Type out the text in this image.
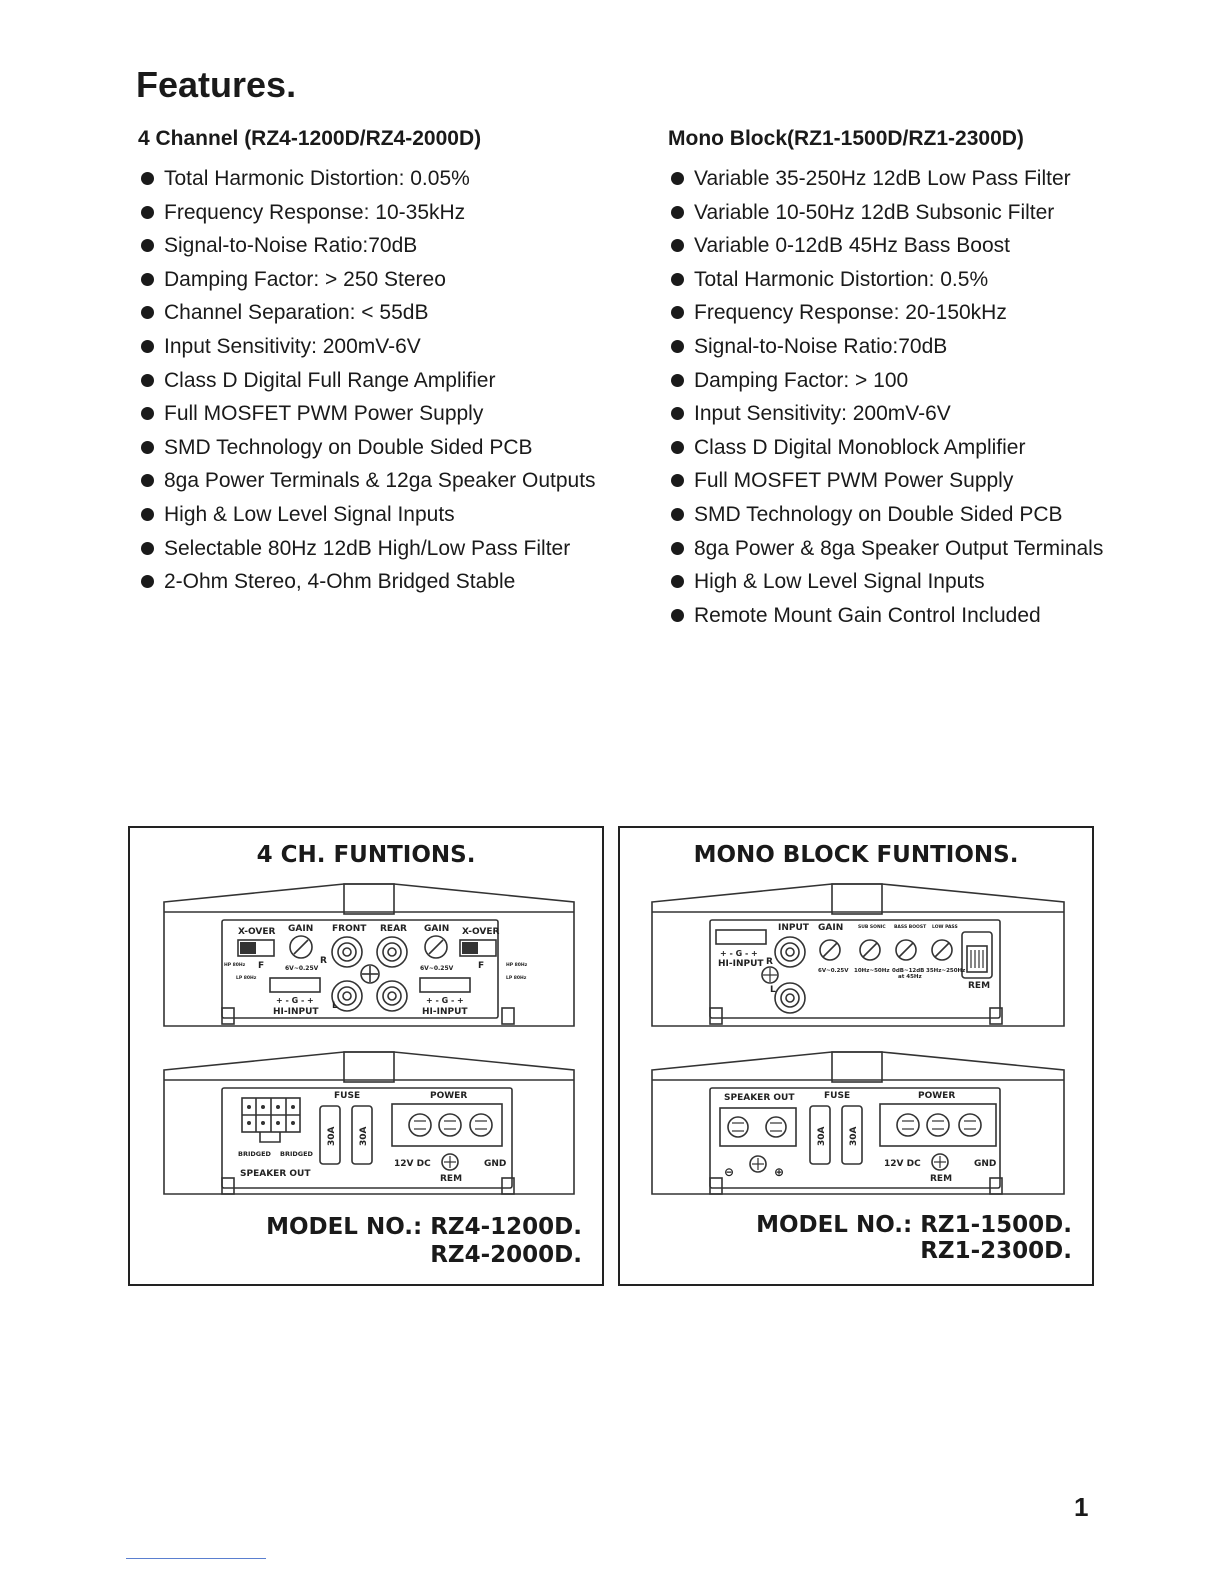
Features.
4 Channel (RZ4-1200D/RZ4-2000D)
Total Harmonic Distortion: 0.05%
Frequency Response: 10-35kHz
Signal-to-Noise Ratio:70dB
Damping Factor: > 250 Stereo
Channel Separation: < 55dB
Input Sensitivity: 200mV-6V
Class D Digital Full Range Amplifier
Full MOSFET PWM Power Supply
SMD Technology on Double Sided PCB
8ga Power Terminals & 12ga Speaker Outputs
High & Low Level Signal Inputs
Selectable 80Hz 12dB High/Low Pass Filter
2-Ohm Stereo, 4-Ohm Bridged Stable
Mono Block(RZ1-1500D/RZ1-2300D)
Variable 35-250Hz 12dB Low Pass Filter
Variable 10-50Hz 12dB Subsonic Filter
Variable 0-12dB 45Hz Bass Boost
Total Harmonic Distortion: 0.5%
Frequency Response: 20-150kHz
Signal-to-Noise Ratio:70dB
Damping Factor: > 100
Input Sensitivity: 200mV-6V
Class D Digital Monoblock Amplifier
Full MOSFET PWM Power Supply
SMD Technology on Double Sided PCB
8ga Power & 8ga Speaker Output Terminals
High & Low Level Signal Inputs
Remote Mount Gain Control Included
4 CH. FUNTIONS.
X-OVER GAIN FRONT REAR GAIN X-OVER
HP 80Hz
LP 80Hz
F	F	HP 80Hz
LP 80Hz
R
L
6V~0.25V	6V~0.25V
+ - G - +
HI-INPUT
+ - G - +
HI-INPUT
FUSE	POWER
30A 30A
BRIDGED BRIDGED
SPEAKER OUT
12V DC	GND
REM
MODEL NO.: RZ4-1200D.
RZ4-2000D.
MONO BLOCK FUNTIONS.
INPUT GAIN	SUB SONIC BASS BOOST LOW PASS
+ - G - +
HI-INPUT R
L
6V~0.25V 10Hz~50Hz 0dB~12dB
at 45Hz
35Hz~250Hz
REM
SPEAKER OUT	FUSE	POWER
30A 30A
⊖	⊕
12V DC	GND
REM
MODEL NO.: RZ1-1500D.
RZ1-2300D.
1
